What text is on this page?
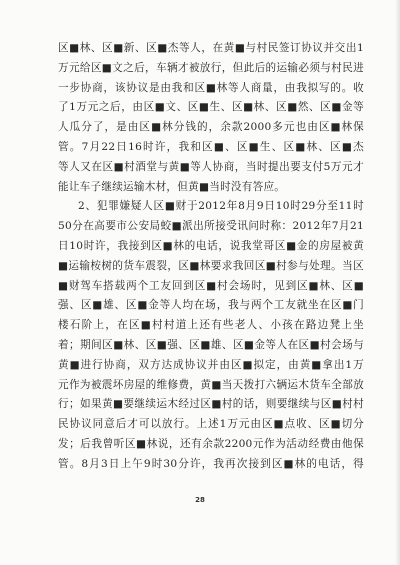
区■林、区■新、区■杰等人，在黄■与村民签订协议并交出1
万元给区■文之后，车辆才被放行，但此后的运输必须与村民进
一步协商，该协议是由我和区■林等人商量，由我拟写的。收
了1万元之后，由区■文、区■生、区■林、区■然、区■金等
人瓜分了，是由区■林分钱的，余款2000多元也由区■林保
管。7月22日16时许，我和区■、区■生、区■林、区■杰
等人又在区■村酒堂与黄■等人协商，当时提出要支付5万元才
能让车子继续运输木材，但黄■当时没有答应。
2、犯罪嫌疑人区■财于2012年8月9日10时29分至11时
50分在高要市公安局蛟■派出所接受讯问时称：2012年7月21
日10时许，我接到区■林的电话，说我堂哥区■金的房屋被黄
■运输桉树的货车震裂，区■林要求我回区■村参与处理。当区
■财驾车搭载两个工友回到区■村会场时，见到区■林、区■
强、区■雄、区■金等人均在场，我与两个工友就坐在区■门
楼石阶上，在区■村村道上还有些老人、小孩在路边凳上坐
着；期间区■林、区■强、区■雄、区■金等人在区■村会场与
黄■进行协商，双方达成协议并由区■拟定，由黄■拿出1万
元作为被震坏房屋的维修费，黄■当天拨打六辆运木货车全部放
行；如果黄■要继续运木经过区■村的话，则要继续与区■村村
民协议同意后才可以放行。上述1万元由区■点收、区■切分
发；后我曾听区■林说，还有余款2200元作为活动经费由他保
管。8月3日上午9时30分许，我再次接到区■林的电话，得
28
